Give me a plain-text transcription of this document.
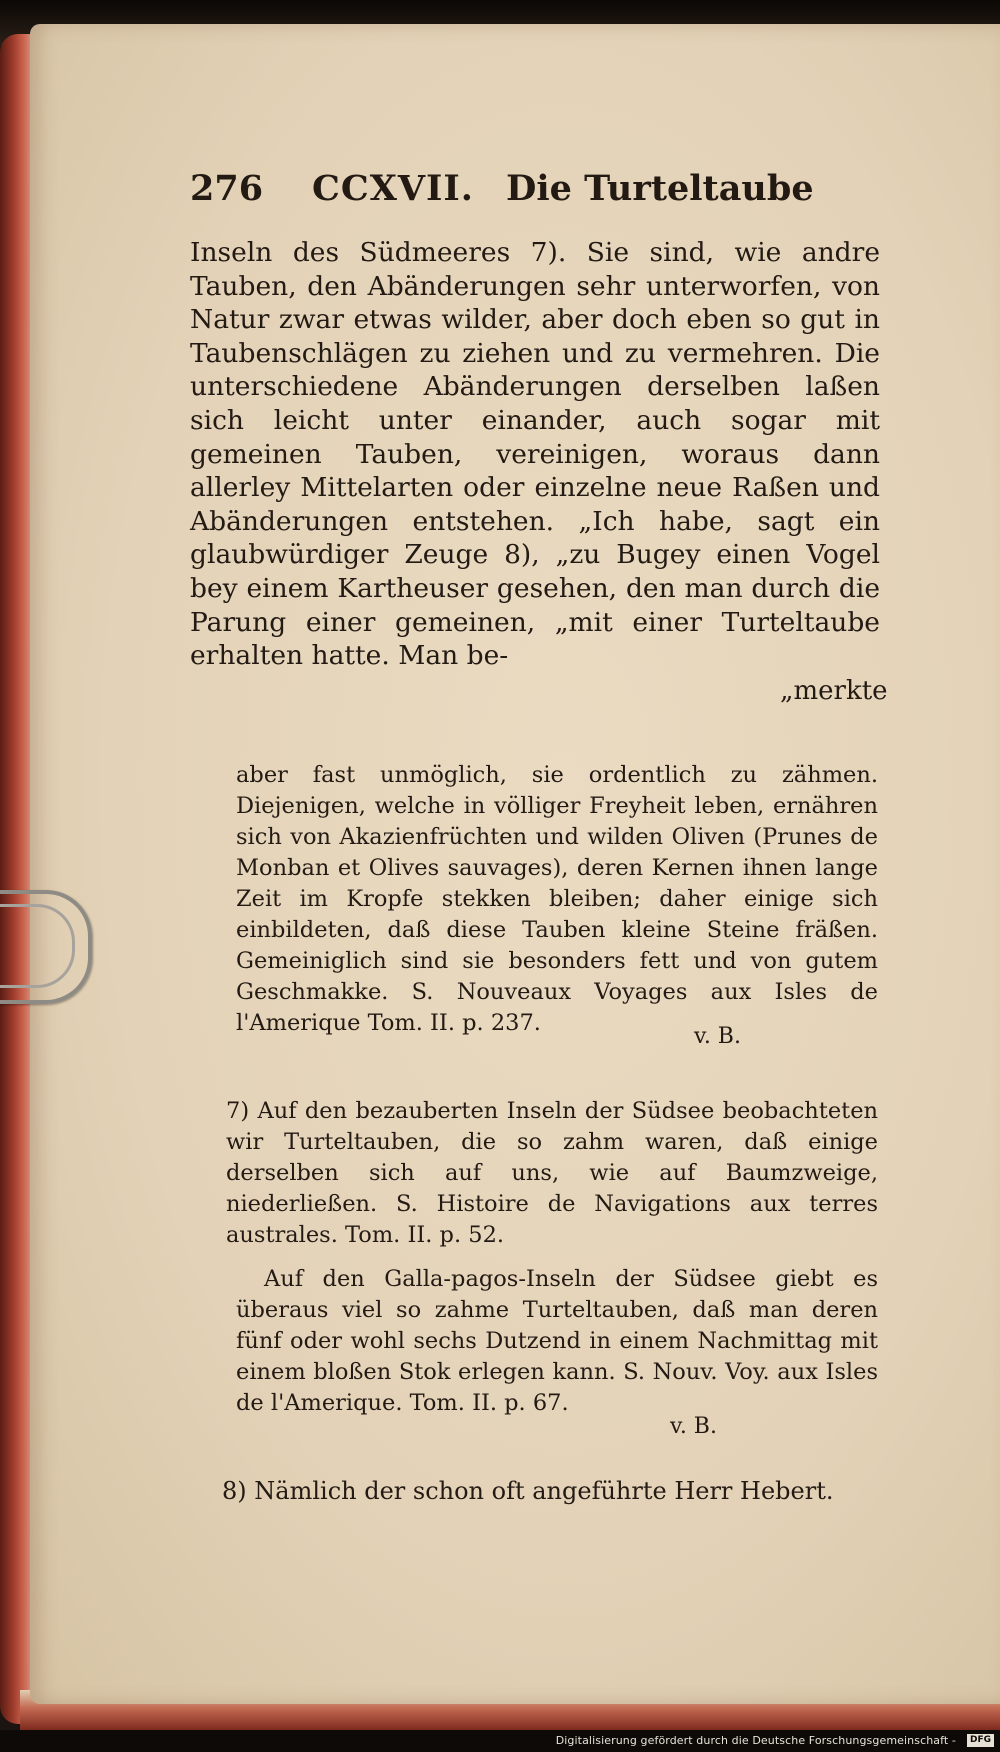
276 CCXVII. Die Turteltaube

Inseln des Südmeeres 7). Sie sind, wie andre Tauben, den Abänderungen sehr unterworfen, von Natur zwar etwas wilder, aber doch eben so gut in Taubenschlägen zu ziehen und zu vermehren. Die unterschiedene Abänderungen derselben laßen sich leicht unter einander, auch sogar mit gemeinen Tauben, vereinigen, woraus dann allerley Mittelarten oder einzelne neue Raßen und Abänderungen entstehen. „Ich habe, sagt ein glaubwürdiger Zeuge 8), „zu Bugey einen Vogel bey einem Kartheuser gesehen, den man durch die Parung einer gemeinen, „mit einer Turteltaube erhalten hatte. Man be-

„merkte

aber fast unmöglich, sie ordentlich zu zähmen. Diejenigen, welche in völliger Freyheit leben, ernähren sich von Akazienfrüchten und wilden Oliven (Prunes de Monban et Olives sauvages), deren Kernen ihnen lange Zeit im Kropfe stekken bleiben; daher einige sich einbildeten, daß diese Tauben kleine Steine fräßen. Gemeiniglich sind sie besonders fett und von gutem Geschmakke. S. Nouveaux Voyages aux Isles de l'Amerique Tom. II. p. 237.

v. B.

7) Auf den bezauberten Inseln der Südsee beobachteten wir Turteltauben, die so zahm waren, daß einige derselben sich auf uns, wie auf Baumzweige, niederließen. S. Histoire de Navigations aux terres australes. Tom. II. p. 52.

Auf den Galla-pagos-Inseln der Südsee giebt es überaus viel so zahme Turteltauben, daß man deren fünf oder wohl sechs Dutzend in einem Nachmittag mit einem bloßen Stok erlegen kann. S. Nouv. Voy. aux Isles de l'Amerique. Tom. II. p. 67.

v. B.

8) Nämlich der schon oft angeführte Herr Hebert.

Digitalisierung gefördert durch die Deutsche Forschungsgemeinschaft -	DFG
